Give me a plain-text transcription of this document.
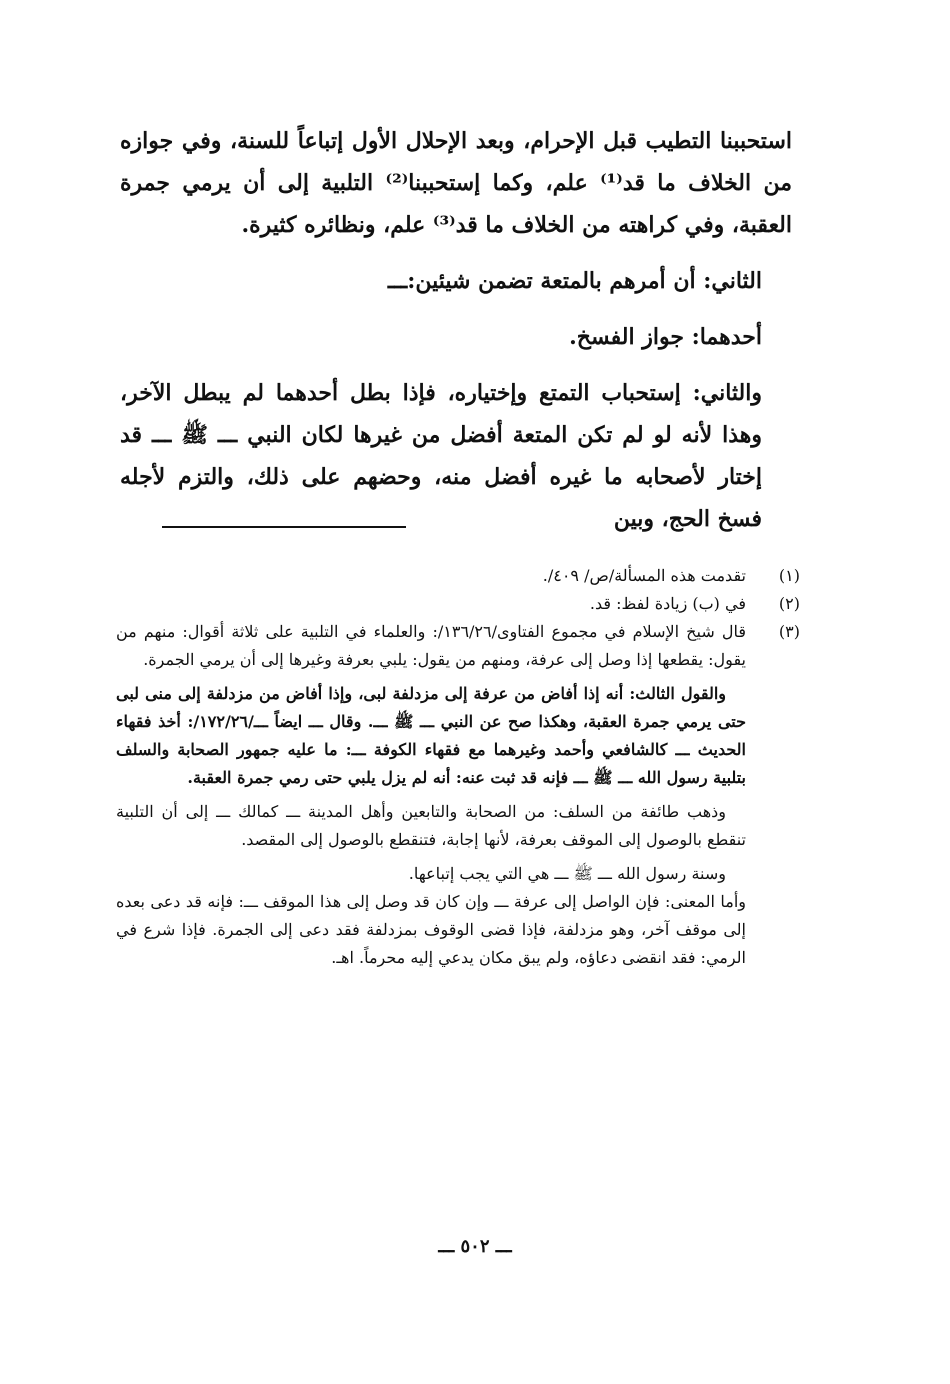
استحببنا التطيب قبل الإحرام، وبعد الإحلال الأول إتباعاً للسنة، وفي جوازه من الخلاف ما قد⁽¹⁾ علم، وكما إستحببنا⁽²⁾ التلبية إلى أن يرمي جمرة العقبة، وفي كراهته من الخلاف ما قد⁽³⁾ علم، ونظائره كثيرة.

الثاني: أن أمرهم بالمتعة تضمن شيئين:ـــ

أحدهما: جواز الفسخ.

والثاني: إستحباب التمتع وإختياره، فإذا بطل أحدهما لم يبطل الآخر، وهذا لأنه لو لم تكن المتعة أفضل من غيرها لكان النبي ـــ ﷺ ـــ قد إختار لأصحابه ما غيره أفضل منه، وحضهم على ذلك، والتزم لأجله فسخ الحج، وبين

(١)
تقدمت هذه المسألة/ص/ ٤٠٩/.
(٢)
في (ب) زيادة لفظ: قد.
(٣)
قال شيخ الإسلام في مجموع الفتاوى/١٣٦/٢٦/: والعلماء في التلبية على ثلاثة أقوال: منهم من يقول: يقطعها إذا وصل إلى عرفة، ومنهم من يقول: يلبي بعرفة وغيرها إلى أن يرمي الجمرة.

والقول الثالث: أنه إذا أفاض من عرفة إلى مزدلفة لبى، وإذا أفاض من مزدلفة إلى منى لبى حتى يرمي جمرة العقبة، وهكذا صح عن النبي ـــ ﷺ ـــ. وقال ـــ ايضاً ـــ/١٧٢/٢٦/: أخذ فقهاء الحديث ـــ كالشافعي وأحمد وغيرهما مع فقهاء الكوفة ـــ: ما عليه جمهور الصحابة والسلف بتلبية رسول الله ـــ ﷺ ـــ فإنه قد ثبت عنه: أنه لم يزل يلبي حتى رمي جمرة العقبة.

وذهب طائفة من السلف: من الصحابة والتابعين وأهل المدينة ـــ كمالك ـــ إلى أن التلبية تنقطع بالوصول إلى الموقف بعرفة، لأنها إجابة، فتنقطع بالوصول إلى المقصد.

وسنة رسول الله ـــ ﷺ ـــ هي التي يجب إتباعها.

وأما المعنى: فإن الواصل إلى عرفة ـــ وإن كان قد وصل إلى هذا الموقف ـــ: فإنه قد دعى بعده إلى موقف آخر، وهو مزدلفة، فإذا قضى الوقوف بمزدلفة فقد دعى إلى الجمرة. فإذا شرع في الرمي: فقد انقضى دعاؤه، ولم يبق مكان يدعي إليه محرماً. اهـ.

ـــ ٥٠٢ ـــ
